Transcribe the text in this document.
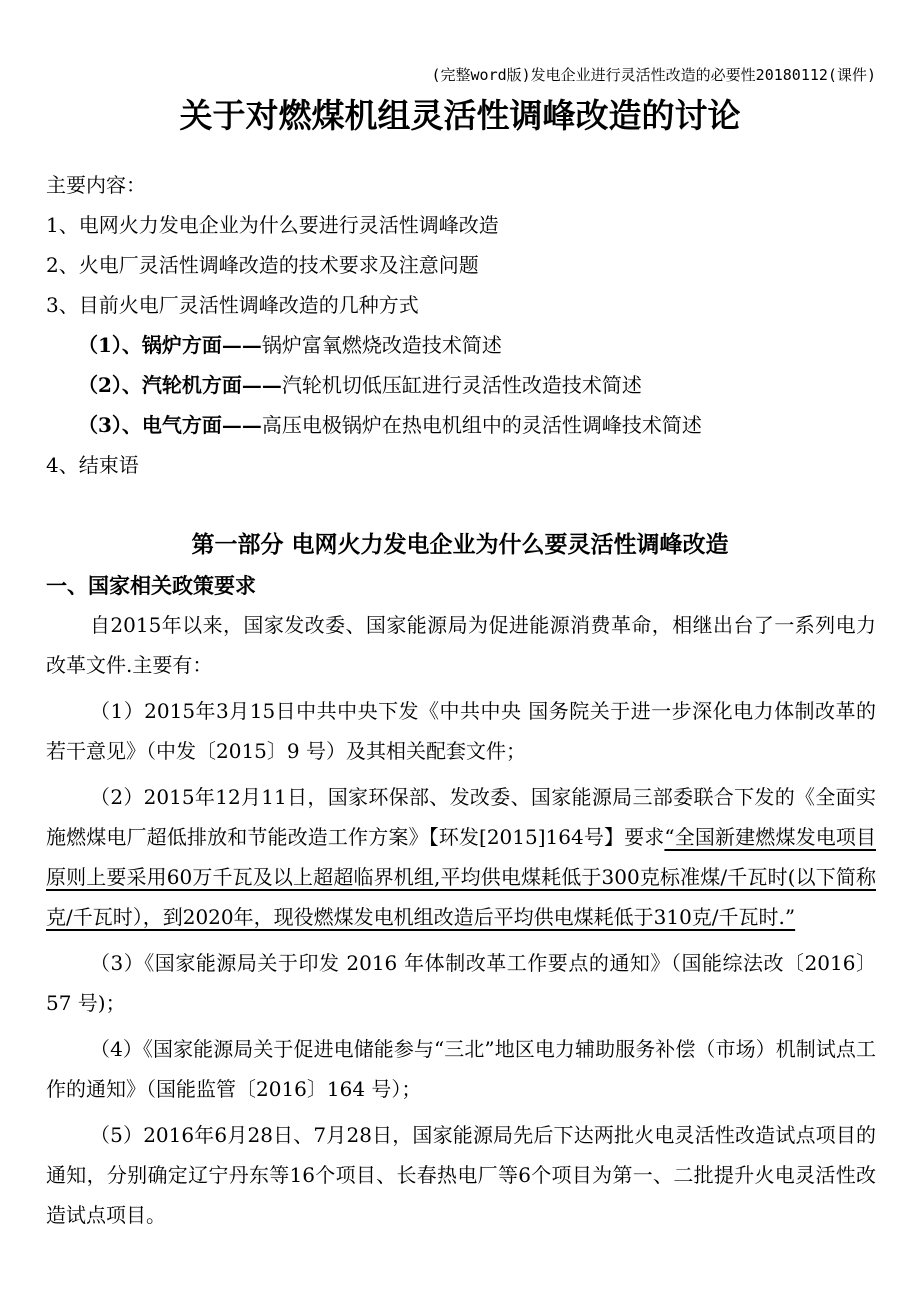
(完整word版)发电企业进行灵活性改造的必要性20180112(课件)
关于对燃煤机组灵活性调峰改造的讨论
主要内容：
1、电网火力发电企业为什么要进行灵活性调峰改造
2、火电厂灵活性调峰改造的技术要求及注意问题
3、目前火电厂灵活性调峰改造的几种方式
（1）、锅炉方面——锅炉富氧燃烧改造技术简述
（2）、汽轮机方面——汽轮机切低压缸进行灵活性改造技术简述
（3）、电气方面——高压电极锅炉在热电机组中的灵活性调峰技术简述
4、结束语
第一部分 电网火力发电企业为什么要灵活性调峰改造
一、国家相关政策要求

自2015年以来，国家发改委、国家能源局为促进能源消费革命，相继出台了一系列电力改革文件.主要有：

（1）2015年3月15日中共中央下发《中共中央 国务院关于进一步深化电力体制改革的若干意见》（中发〔2015〕9 号）及其相关配套文件；

（2）2015年12月11日，国家环保部、发改委、国家能源局三部委联合下发的《全面实施燃煤电厂超低排放和节能改造工作方案》【环发[2015]164号】要求“全国新建燃煤发电项目原则上要采用60万千瓦及以上超超临界机组,平均供电煤耗低于300克标准煤/千瓦时(以下简称克/千瓦时），到2020年，现役燃煤发电机组改造后平均供电煤耗低于310克/千瓦时.”

（3）《国家能源局关于印发 2016 年体制改革工作要点的通知》（国能综法改〔2016〕57 号)；

（4）《国家能源局关于促进电储能参与“三北”地区电力辅助服务补偿（市场）机制试点工作的通知》（国能监管〔2016〕164 号）；

（5）2016年6月28日、7月28日，国家能源局先后下达两批火电灵活性改造试点项目的通知，分别确定辽宁丹东等16个项目、长春热电厂等6个项目为第一、二批提升火电灵活性改造试点项目。
